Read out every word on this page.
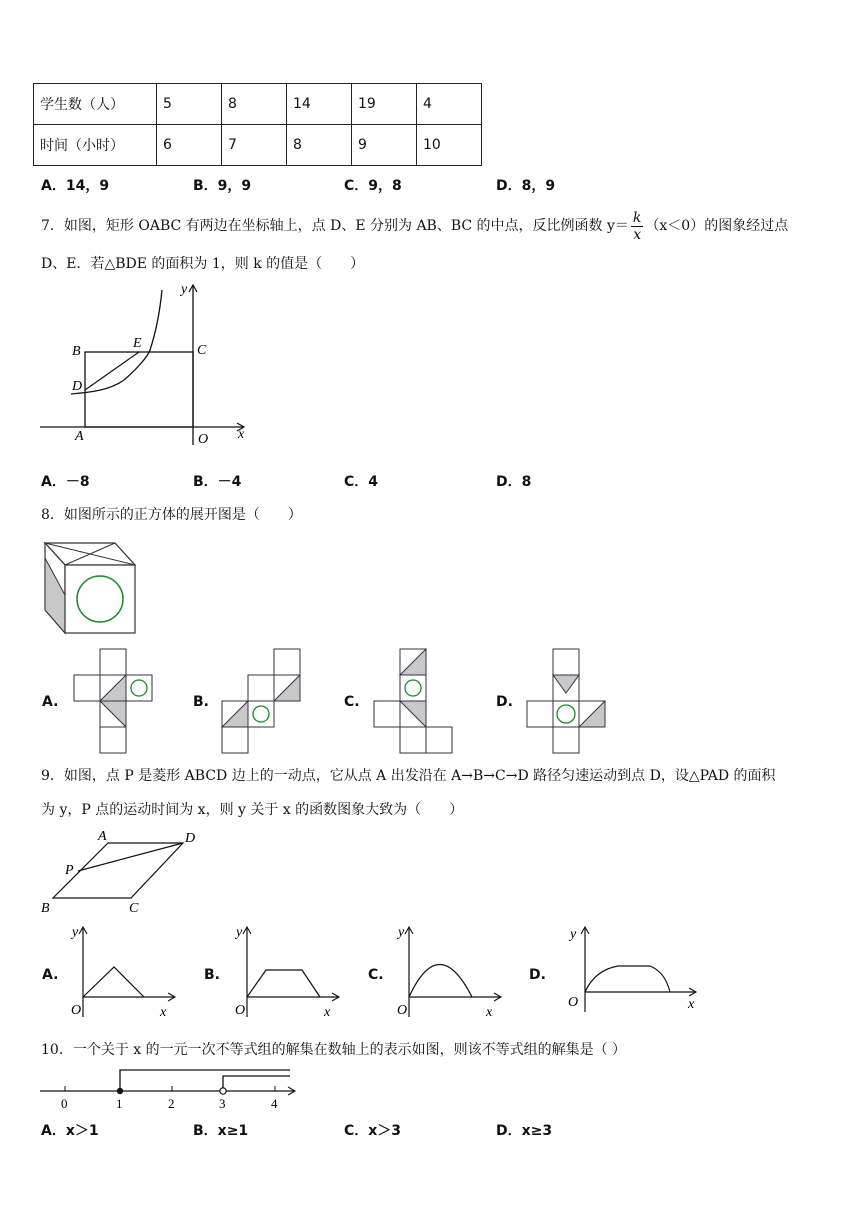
学生数（人）	5	8	14	19	4
时间（小时）	6	7	8	9	10
A．14，9	B．9，9	C．9，8	D．8，9
7．如图，矩形 OABC 有两边在坐标轴上，点 D、E 分别为 AB、BC 的中点，反比例函数 $y= \frac{k}{x} (x<0)$的图象经过点
D、E．若△BDE 的面积为 1，则 k 的值是（　　）
B
E	C
D
A	O x
y
A．－8	B．－4	C．4	D．8
8．如图所示的正方体的展开图是（　　）
A.	B.	C.	D.
9．如图，点 P 是菱形 ABCD 边上的一动点，它从点 A 出发沿在 A→B→C→D 路径匀速运动到点 D，设△PAD 的面积
为 y，P 点的运动时间为 x，则 y 关于 x 的函数图象大致为（　　）
A	D
P
B	C
A.	B.	C.	D.
y
O	x
y
O	x
y
O	x
y
O	x
10．一个关于 x 的一元一次不等式组的解集在数轴上的表示如图，则该不等式组的解集是（ ）
0	1	2	3	4
A．x＞1	B．x≥1	C．x＞3	D．x≥3
